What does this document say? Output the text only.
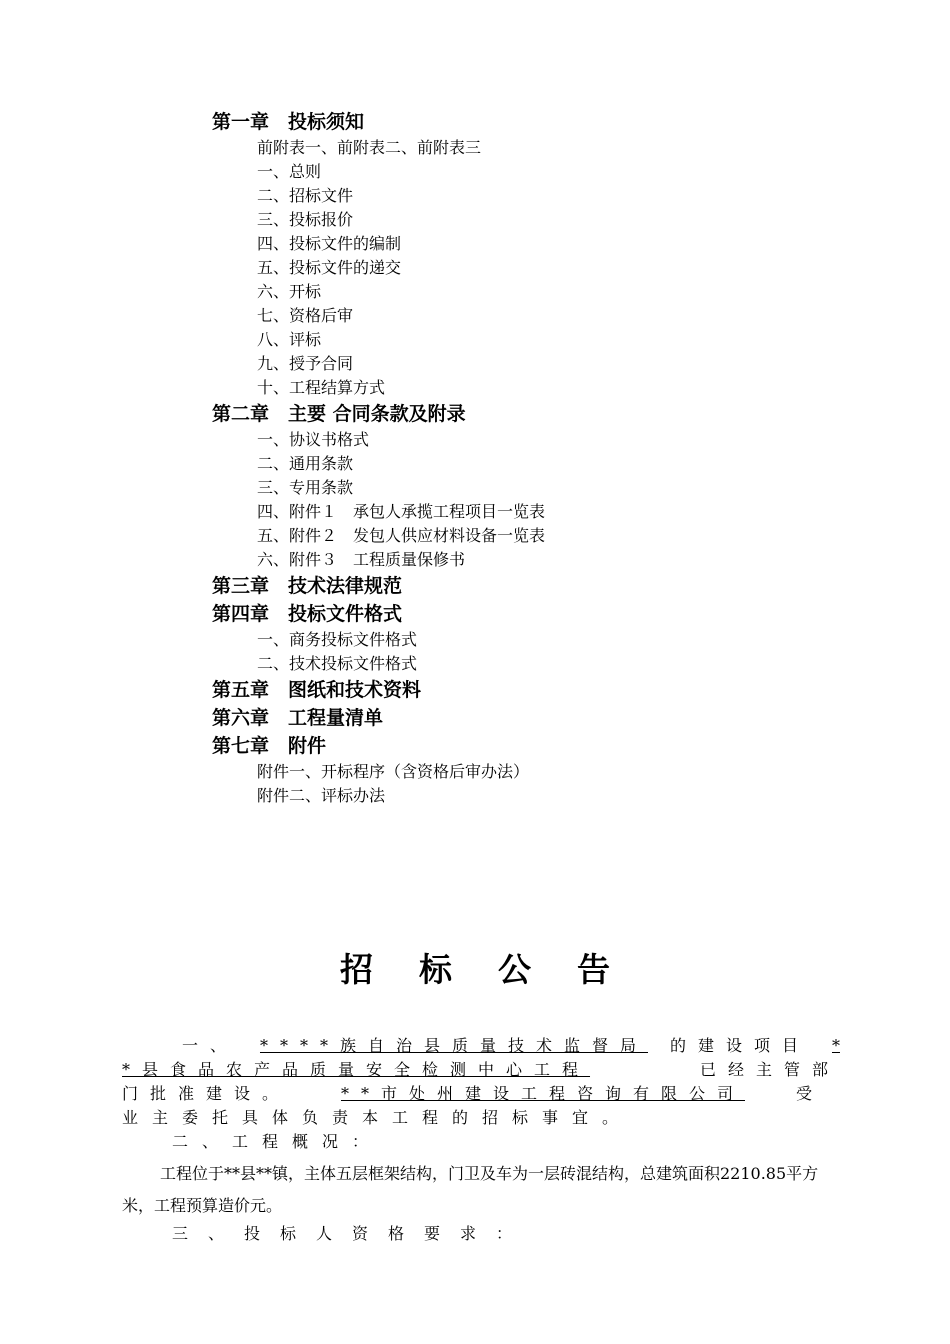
第一章　投标须知
前附表一、前附表二、前附表三
一、总则
二、招标文件
三、投标报价
四、投标文件的编制
五、投标文件的递交
六、开标
七、资格后审
八、评标
九、授予合同
十、工程结算方式
第二章　主要 合同条款及附录
一、协议书格式
二、通用条款
三、专用条款
四、附件１　承包人承揽工程项目一览表
五、附件２　发包人供应材料设备一览表
六、附件３　工程质量保修书
第三章　技术法律规范
第四章　投标文件格式
一、商务投标文件格式
二、技术投标文件格式
第五章　图纸和技术资料
第六章　工程量清单
第七章　附件
附件一、开标程序（含资格后审办法）
附件二、评标办法
招标公告
一、 ****族自治县质量技术监督局 的建设项目 *
*县食品农产品质量安全检测中心工程	已经主管部
门批准建设。	**市处州建设工程咨询有限公司	受
业主委托具体负责本工程的招标事宜。
二、工程概况：
工程位于**县**镇，主体五层框架结构，门卫及车为一层砖混结构，总建筑面积2210.85平方米，工程预算造价元。
三、投标人资格要求：
